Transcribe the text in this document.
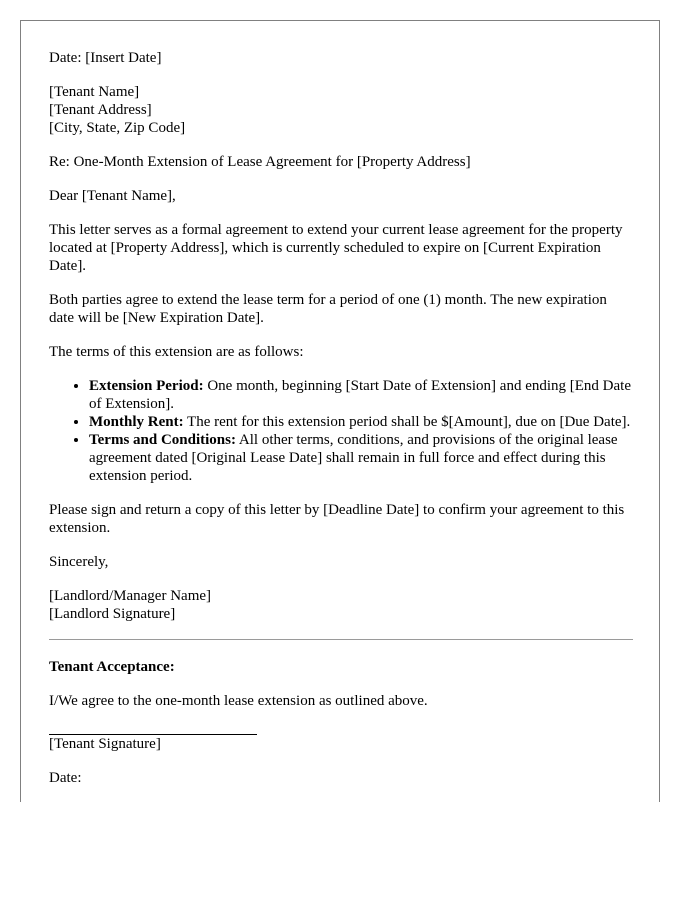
Date: [Insert Date]

[Tenant Name]
[Tenant Address]
[City, State, Zip Code]

Re: One-Month Extension of Lease Agreement for [Property Address]

Dear [Tenant Name],

This letter serves as a formal agreement to extend your current lease agreement for the property located at [Property Address], which is currently scheduled to expire on [Current Expiration Date].

Both parties agree to extend the lease term for a period of one (1) month. The new expiration date will be [New Expiration Date].

The terms of this extension are as follows:

• Extension Period: One month, beginning [Start Date of Extension] and ending [End Date of Extension].
• Monthly Rent: The rent for this extension period shall be $[Amount], due on [Due Date].
• Terms and Conditions: All other terms, conditions, and provisions of the original lease agreement dated [Original Lease Date] shall remain in full force and effect during this extension period.

Please sign and return a copy of this letter by [Deadline Date] to confirm your agreement to this extension.

Sincerely,

[Landlord/Manager Name]
[Landlord Signature]

Tenant Acceptance:

I/We agree to the one-month lease extension as outlined above.

[Tenant Signature]

Date:
